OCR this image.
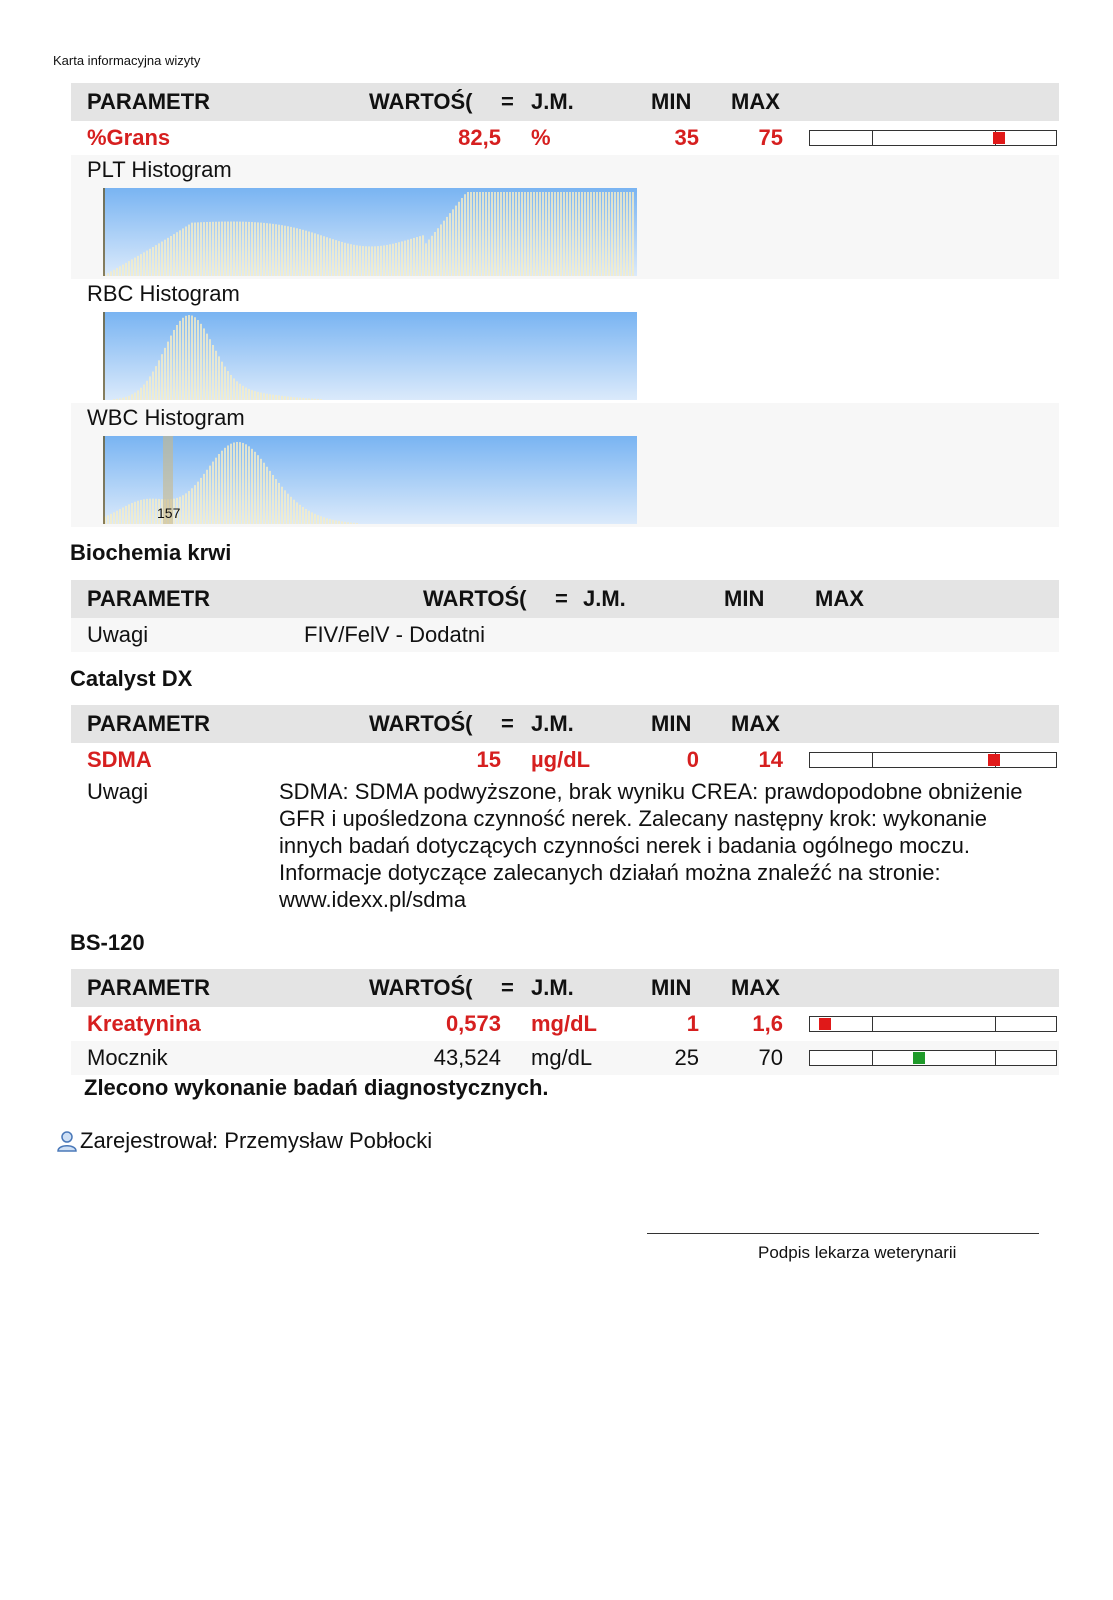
Karta informacyjna wizyty
PARAMETR	WARTOŚ( = J.M.	MIN MAX
%Grans	82,5 %	35	75
PLT Histogram
RBC Histogram
WBC Histogram
157
Biochemia krwi
PARAMETR	WARTOŚ( = J.M.	MIN MAX
Uwagi	FIV/FelV - Dodatni
Catalyst DX
PARAMETR	WARTOŚ( = J.M.	MIN MAX
SDMA	15 µg/dL	0	14
Uwagi	SDMA: SDMA podwyższone, brak wyniku CREA: prawdopodobne obniżenie
GFR i upośledzona czynność nerek. Zalecany następny krok: wykonanie
innych badań dotyczących czynności nerek i badania ogólnego moczu.
Informacje dotyczące zalecanych działań można znaleźć na stronie:
www.idexx.pl/sdma
BS-120
PARAMETR	WARTOŚ( = J.M.	MIN MAX
Kreatynina	0,573 mg/dL	1	1,6
Mocznik	43,524 mg/dL	25	70
Zlecono wykonanie badań diagnostycznych.
Zarejestrował: Przemysław Pobłocki
Podpis lekarza weterynarii
